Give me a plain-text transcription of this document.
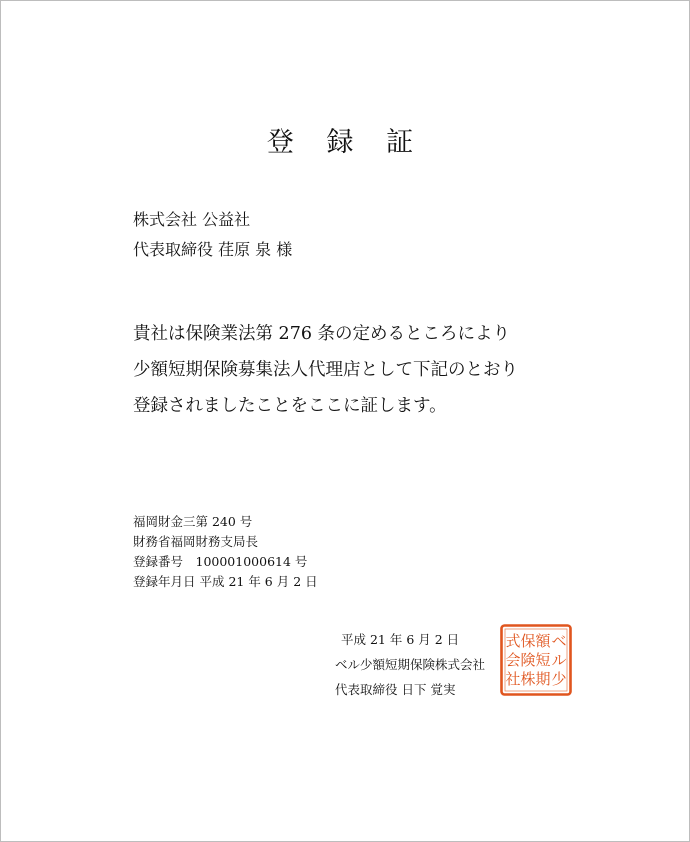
登 録 証
株式会社 公益社
代表取締役 荏原 泉 様
貴社は保険業法第 276 条の定めるところにより
少額短期保険募集法人代理店として下記のとおり
登録されましたことをここに証します。
福岡財金三第 240 号
財務省福岡財務支局長
登録番号　100001000614 号
登録年月日 平成 21 年 6 月 2 日
平成 21 年 6 月 2 日
ベル少額短期保険株式会社
代表取締役 日下 覚実
ベ
ル
少
額
短
期
保
険
株
式
会
社
